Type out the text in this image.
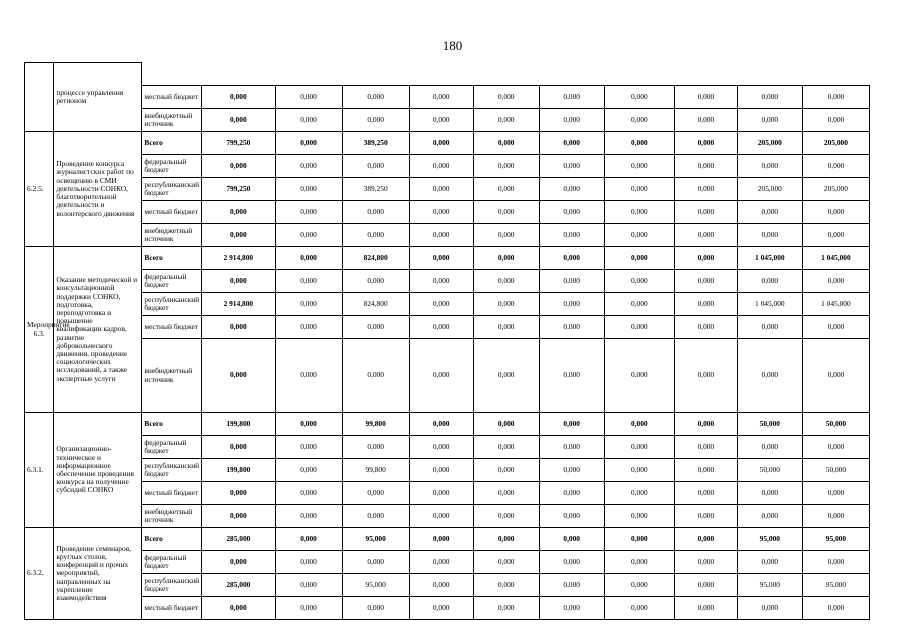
180
	процессе управления регионом											
		местный бюджет	0,000	0,000	0,000	0,000	0,000	0,000	0,000	0,000	0,000	0,000
		внебюджетный источник	0,000	0,000	0,000	0,000	0,000	0,000	0,000	0,000	0,000	0,000
6.2.5.	Проведение конкурса журналистских работ по освещению в СМИ деятельности СОНКО, благотворительной деятельности и волонтерского движения	Всего	799,250	0,000	389,250	0,000	0,000	0,000	0,000	0,000	205,000	205,000
		федеральный бюджет	0,000	0,000	0,000	0,000	0,000	0,000	0,000	0,000	0,000	0,000
		республиканский бюджет	799,250	0,000	389,250	0,000	0,000	0,000	0,000	0,000	205,000	205,000
		местный бюджет	0,000	0,000	0,000	0,000	0,000	0,000	0,000	0,000	0,000	0,000
		внебюджетный источник	0,000	0,000	0,000	0,000	0,000	0,000	0,000	0,000	0,000	0,000
Мероприятие 6.3.	Оказание методической и консультационной поддержки СОНКО, подготовка, переподготовка и повышение квалификации кадров, развитие добровольческого движения, проведение социологических исследований, а также экспертные услуги	Всего	2 914,800	0,000	824,800	0,000	0,000	0,000	0,000	0,000	1 045,000	1 045,000
		федеральный бюджет	0,000	0,000	0,000	0,000	0,000	0,000	0,000	0,000	0,000	0,000
		республиканский бюджет	2 914,800	0,000	824,800	0,000	0,000	0,000	0,000	0,000	1 045,000	1 045,000
		местный бюджет	0,000	0,000	0,000	0,000	0,000	0,000	0,000	0,000	0,000	0,000
		внебюджетный источник	0,000	0,000	0,000	0,000	0,000	0,000	0,000	0,000	0,000	0,000
6.3.1.	Организационно-техническое и информационное обеспечение проведения конкурса на получение субсидий СОНКО	Всего	199,800	0,000	99,800	0,000	0,000	0,000	0,000	0,000	50,000	50,000
		федеральный бюджет	0,000	0,000	0,000	0,000	0,000	0,000	0,000	0,000	0,000	0,000
		республиканский бюджет	199,800	0,000	99,800	0,000	0,000	0,000	0,000	0,000	50,000	50,000
		местный бюджет	0,000	0,000	0,000	0,000	0,000	0,000	0,000	0,000	0,000	0,000
		внебюджетный источник	0,000	0,000	0,000	0,000	0,000	0,000	0,000	0,000	0,000	0,000
6.3.2.	Проведение семинаров, круглых столов, конференций и прочих мероприятий, направленных на укрепление взаимодействия	Всего	285,000	0,000	95,000	0,000	0,000	0,000	0,000	0,000	95,000	95,000
		федеральный бюджет	0,000	0,000	0,000	0,000	0,000	0,000	0,000	0,000	0,000	0,000
		республиканский бюджет	285,000	0,000	95,000	0,000	0,000	0,000	0,000	0,000	95,000	95,000
		местный бюджет	0,000	0,000	0,000	0,000	0,000	0,000	0,000	0,000	0,000	0,000
